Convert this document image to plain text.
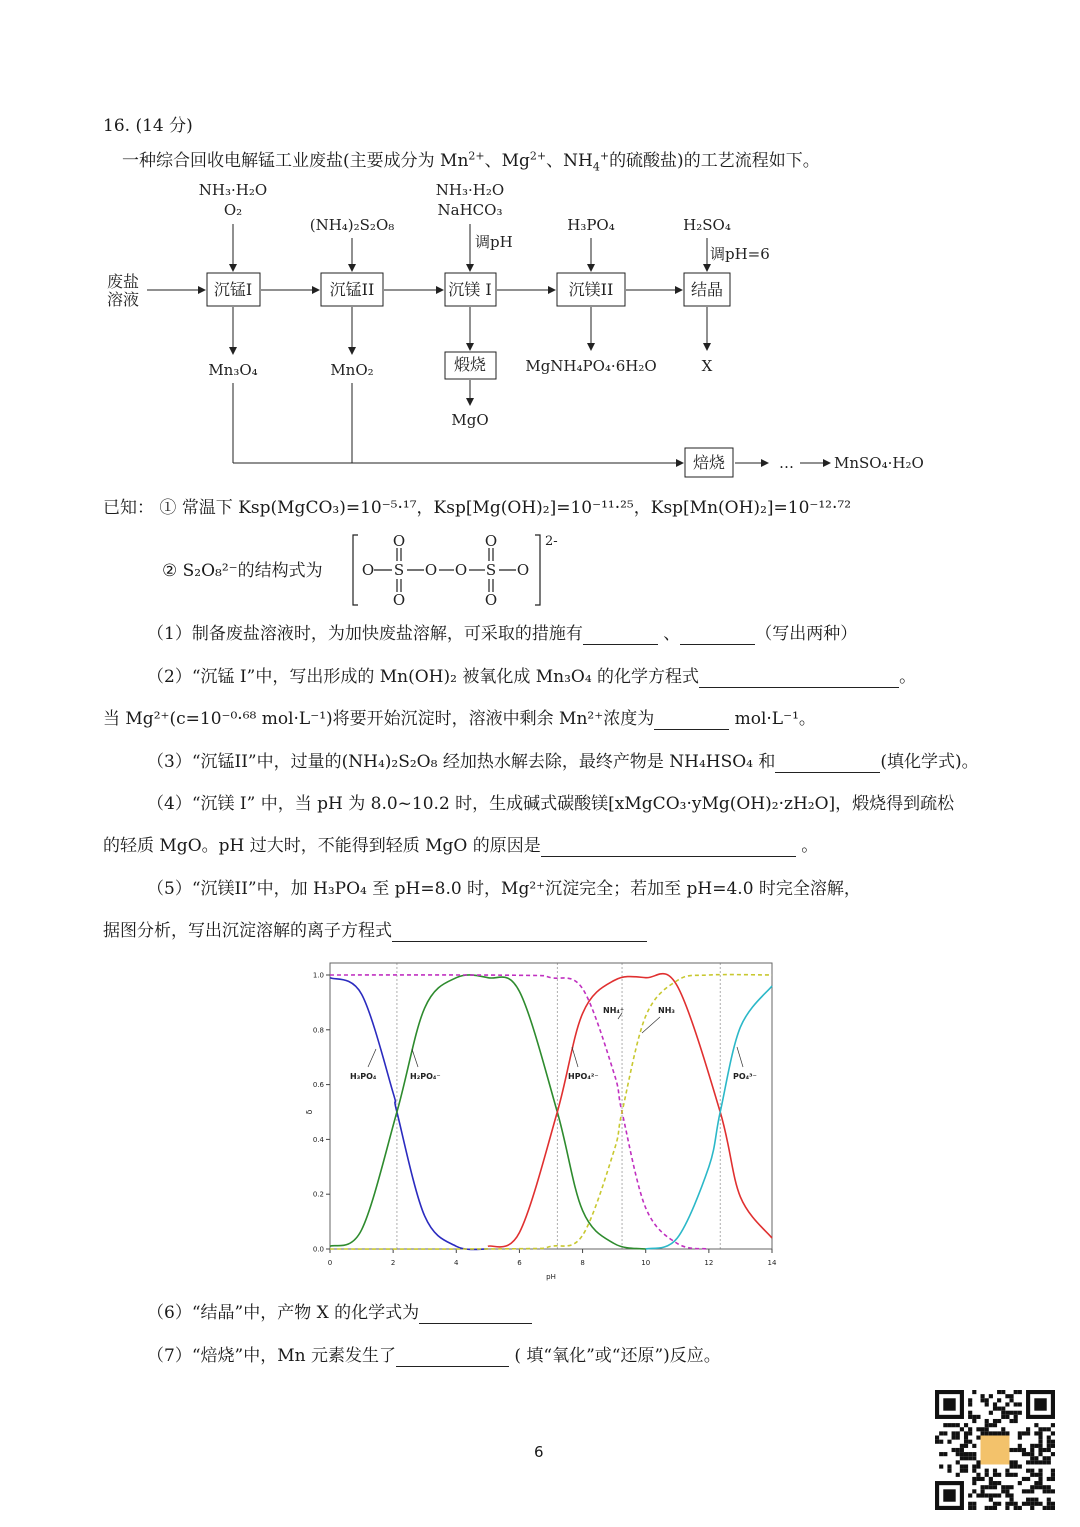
16. (14 分)
一种综合回收电解锰工业废盐(主要成分为 $Mn^{2+}$、$Mg^{2+}$、$NH_4^+$的硫酸盐)的工艺流程如下。
废盐
溶液
沉锰I	沉锰II	沉镁 I	沉镁II	结晶
NH₃·H₂O
O₂
(NH₄)₂S₂O₈
NH₃·H₂O
NaHCO₃
调pH
H₃PO₄	H₂SO₄
调pH=6
Mn₃O₄	MnO₂
MgO
MgNH₄PO₄·6H₂O	X
煅烧
焙烧	…	MnSO₄·H₂O
已知： ① 常温下 Ksp(MgCO₃)=10⁻⁵·¹⁷，Ksp[Mg(OH)₂]=10⁻¹¹·²⁵，Ksp[Mn(OH)₂]=10⁻¹²·⁷²
② S₂O₈²⁻的结构式为	O S
O
O
O O S
O
O
O
2-
（1）制备废盐溶液时，为加快废盐溶解，可采取的措施有	、	（写出两种）
（2）“沉锰 I”中，写出形成的 Mn(OH)₂ 被氧化成 Mn₃O₄ 的化学方程式	。
当 Mg²⁺(c=10⁻⁰·⁶⁸ mol·L⁻¹)将要开始沉淀时，溶液中剩余 Mn²⁺浓度为	mol·L⁻¹。
（3）“沉锰II”中，过量的(NH₄)₂S₂O₈ 经加热水解去除，最终产物是 NH₄HSO₄ 和	(填化学式)。
（4）“沉镁 I” 中，当 pH 为 8.0~10.2 时，生成碱式碳酸镁[xMgCO₃·yMg(OH)₂·zH₂O]，煅烧得到疏松
的轻质 MgO。pH 过大时，不能得到轻质 MgO 的原因是	。
（5）“沉镁II”中，加 H₃PO₄ 至 pH=8.0 时，Mg²⁺沉淀完全；若加至 pH=4.0 时完全溶解，
据图分析，写出沉淀溶解的离子方程式
0	2	4	6	8	10	12	14
0.0
0.2
0.4
0.6
0.8
1.0
pH
δ
H₃PO₄	H₂PO₄⁻	HPO₄²⁻	PO₄³⁻
NH₄⁺	NH₃
（6）“结晶”中，产物 X 的化学式为
（7）“焙烧”中，Mn 元素发生了	( 填“氧化”或“还原”)反应。
6
